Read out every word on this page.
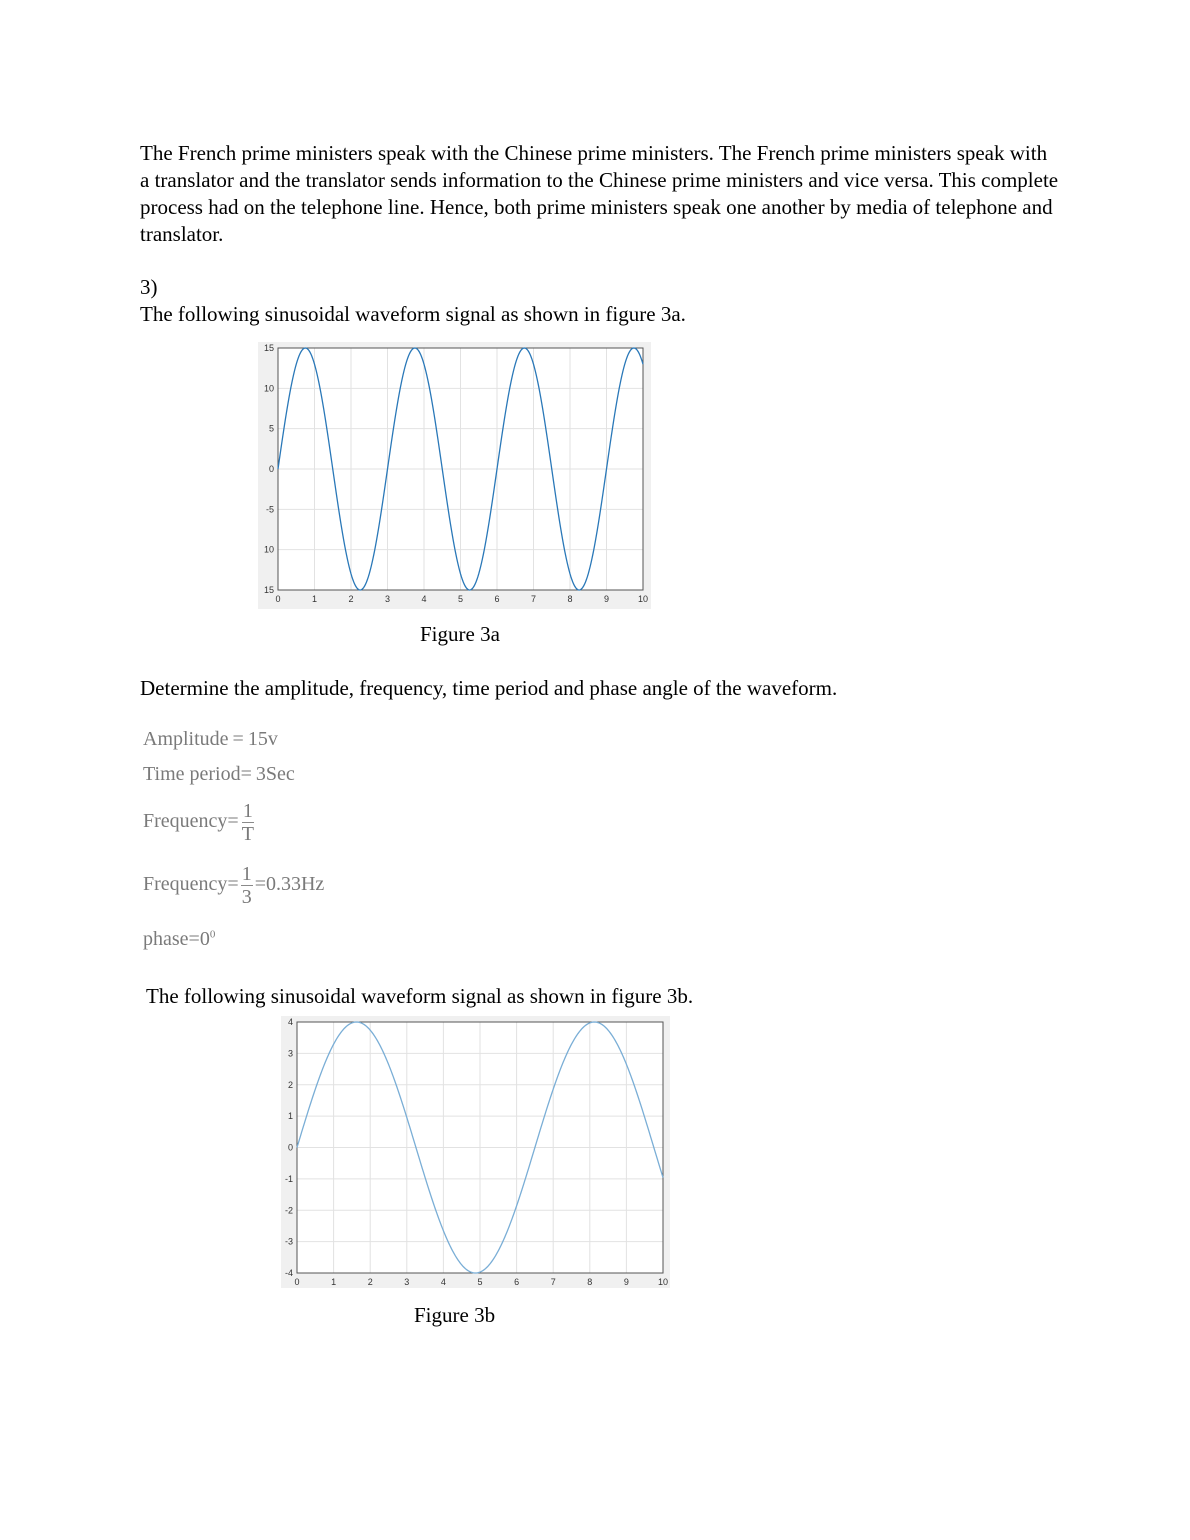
The French prime ministers speak with the Chinese prime ministers. The French prime ministers speak with a translator and the translator sends information to the Chinese prime ministers and vice versa. This complete process had on the telephone line. Hence, both prime ministers speak one another by media of telephone and translator.
3)
The following sinusoidal waveform signal as shown in figure 3a.
0	1	2	3	4	5	6	7	8	9	10
15
10
5
0
-5
10
15
Figure 3a
Determine the amplitude, frequency, time period and phase angle of the waveform.
Amplitude = 15v
Time period= 3Sec
Frequency= $\frac{1}{T}$
Frequency= $\frac{1}{3} =0.33Hz$
$phase=0^0$
The following sinusoidal waveform signal as shown in figure 3b.
0	1	2	3	4	5	6	7	8	9	10
4
3
2
1
0
-1
-2
-3
-4
Figure 3b
